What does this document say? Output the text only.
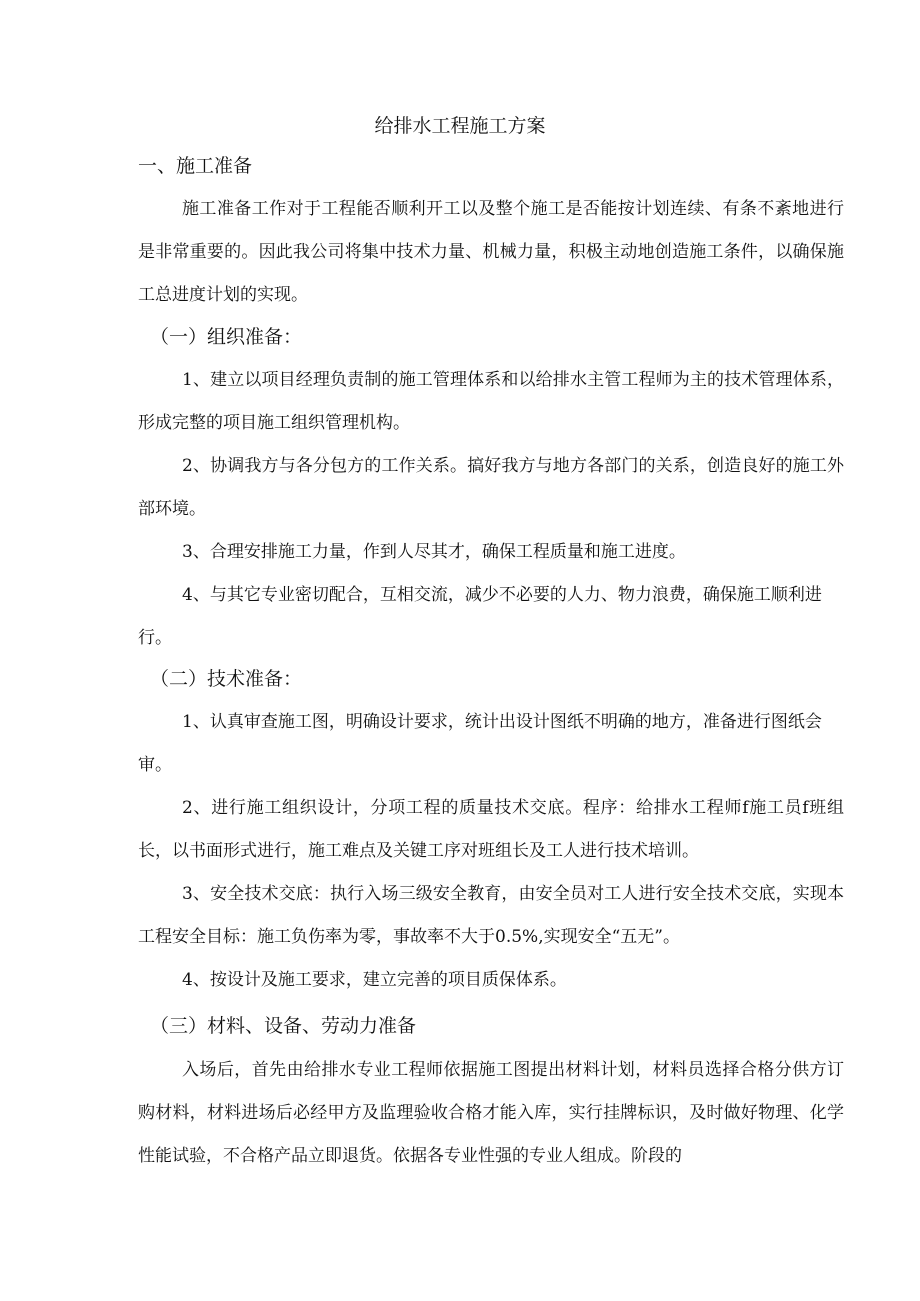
给排水工程施工方案
一、施工准备
施工准备工作对于工程能否顺利开工以及整个施工是否能按计划连续、有条不紊地进行是非常重要的。因此我公司将集中技术力量、机械力量，积极主动地创造施工条件，以确保施工总进度计划的实现。
（一）组织准备：
1、建立以项目经理负责制的施工管理体系和以给排水主管工程师为主的技术管理体系，形成完整的项目施工组织管理机构。
2、协调我方与各分包方的工作关系。搞好我方与地方各部门的关系，创造良好的施工外部环境。
3、合理安排施工力量，作到人尽其才，确保工程质量和施工进度。
4、与其它专业密切配合，互相交流，减少不必要的人力、物力浪费，确保施工顺利进行。
（二）技术准备：
1、认真审查施工图，明确设计要求，统计出设计图纸不明确的地方，准备进行图纸会审。
2、进行施工组织设计，分项工程的质量技术交底。程序：给排水工程师f施工员f班组长，以书面形式进行，施工难点及关键工序对班组长及工人进行技术培训。
3、安全技术交底：执行入场三级安全教育，由安全员对工人进行安全技术交底，实现本工程安全目标：施工负伤率为零，事故率不大于0.5%,实现安全“五无”。
4、按设计及施工要求，建立完善的项目质保体系。
（三）材料、设备、劳动力准备
入场后，首先由给排水专业工程师依据施工图提出材料计划，材料员选择合格分供方订购材料，材料进场后必经甲方及监理验收合格才能入库，实行挂牌标识，及时做好物理、化学性能试验，不合格产品立即退货。依据各专业性强的专业人组成。阶段的
